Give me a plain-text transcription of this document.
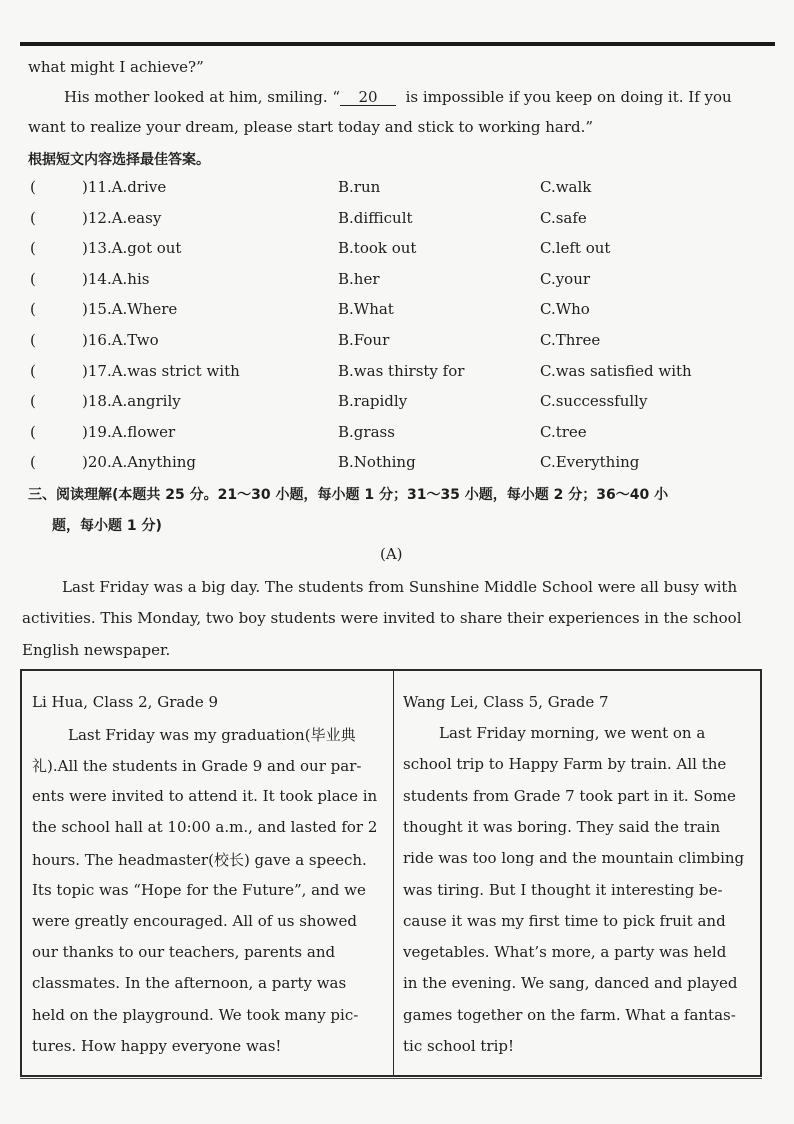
what might I achieve?”
His mother looked at him, smiling. “ 20 is impossible if you keep on doing it. If you
want to realize your dream, please start today and stick to working hard.”
根据短文内容选择最佳答案。
(	)11.A.drive	B.run	C.walk
(	)12.A.easy	B.difficult	C.safe
(	)13.A.got out	B.took out	C.left out
(	)14.A.his	B.her	C.your
(	)15.A.Where	B.What	C.Who
(	)16.A.Two	B.Four	C.Three
(	)17.A.was strict with	B.was thirsty for	C.was satisfied with
(	)18.A.angrily	B.rapidly	C.successfully
(	)19.A.flower	B.grass	C.tree
(	)20.A.Anything	B.Nothing	C.Everything
三、阅读理解(本题共 25 分。21～30 小题，每小题 1 分；31～35 小题，每小题 2 分；36～40 小
题，每小题 1 分)
(A)
Last Friday was a big day. The students from Sunshine Middle School were all busy with
activities. This Monday, two boy students were invited to share their experiences in the school
English newspaper.
Li Hua, Class 2, Grade 9
Last Friday was my graduation(毕业典
礼).All the students in Grade 9 and our par-
ents were invited to attend it. It took place in
the school hall at 10:00 a.m., and lasted for 2
hours. The headmaster(校长) gave a speech.
Its topic was “Hope for the Future”, and we
were greatly encouraged. All of us showed
our thanks to our teachers, parents and
classmates. In the afternoon, a party was
held on the playground. We took many pic-
tures. How happy everyone was!
Wang Lei, Class 5, Grade 7
Last Friday morning, we went on a
school trip to Happy Farm by train. All the
students from Grade 7 took part in it. Some
thought it was boring. They said the train
ride was too long and the mountain climbing
was tiring. But I thought it interesting be-
cause it was my first time to pick fruit and
vegetables. What’s more, a party was held
in the evening. We sang, danced and played
games together on the farm. What a fantas-
tic school trip!
